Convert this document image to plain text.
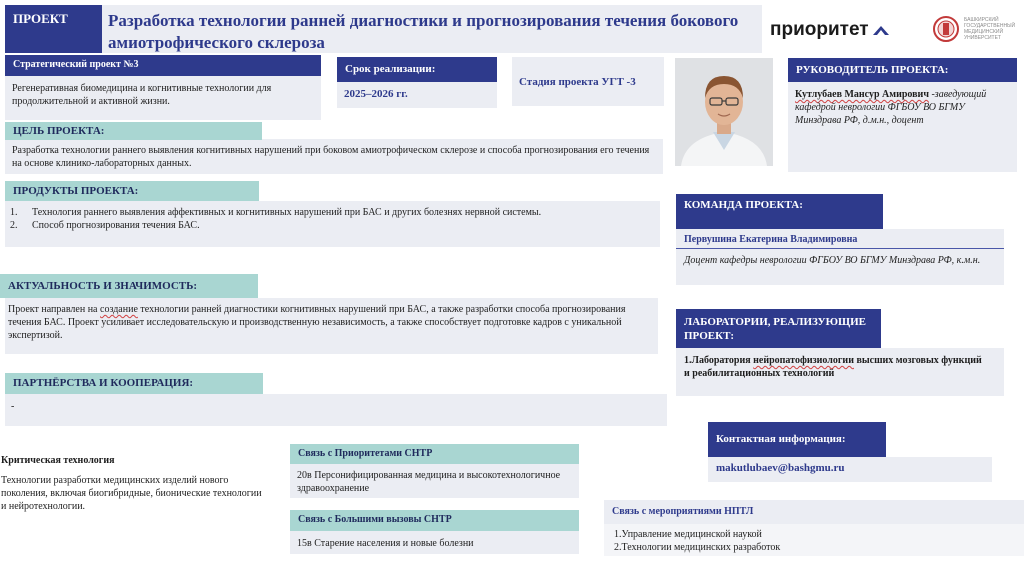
ПРОЕКТ	Разработка технологии ранней диагностики и прогнозирования течения бокового амиотрофического склероза
приоритет	БАШКИРСКИЙ ГОСУДАРСТВЕННЫЙ МЕДИЦИНСКИЙ УНИВЕРСИТЕТ
Стратегический проект №3
Регенеративная биомедицина и когнитивные технологии для продолжительной и активной жизни.
Срок реализации:
2025–2026 гг.
Стадия проекта УГТ -3
РУКОВОДИТЕЛЬ ПРОЕКТА:
Кутлубаев Мансур Амирович -заведующий кафедрой неврологии ФГБОУ ВО БГМУ Минздрава РФ, д.м.н., доцент
ЦЕЛЬ ПРОЕКТА:
Разработка технологии раннего выявления когнитивных нарушений при боковом амиотрофическом склерозе и способа прогнозирования его течения на основе клинико-лабораторных данных.
ПРОДУКТЫ ПРОЕКТА:
1.	Технология раннего выявления аффективных и когнитивных нарушений при БАС и других болезнях нервной системы.
2.	Способ прогнозирования течения БАС.
КОМАНДА ПРОЕКТА:
Первушина Екатерина Владимировна
Доцент кафедры неврологии ФГБОУ ВО БГМУ Минздрава РФ, к.м.н.
АКТУАЛЬНОСТЬ И ЗНАЧИМОСТЬ:
Проект направлен на создание технологии ранней диагностики когнитивных нарушений при БАС, а также разработки способа прогнозирования течения БАС. Проект усиливает исследовательскую и производственную независимость, а также способствует подготовке кадров с уникальной экспертизой.
ЛАБОРАТОРИИ, РЕАЛИЗУЮЩИЕ ПРОЕКТ:
1.Лаборатория нейропатофизиологии высших мозговых функций и реабилитационных технологий
ПАРТНЁРСТВА И КООПЕРАЦИЯ:
-
Критическая технология
Технологии разработки медицинских изделий нового поколения, включая биогибридные, бионические технологии и нейротехнологии.
Связь с Приоритетами СНТР
20в Персонифицированная медицина и высокотехнологичное здравоохранение
Связь с Большими вызовы СНТР
15в Старение населения и новые болезни
Контактная информация:
makutlubaev@bashgmu.ru
Связь с мероприятиями НПТЛ
1.Управление медицинской наукой
2.Технологии медицинских разработок
